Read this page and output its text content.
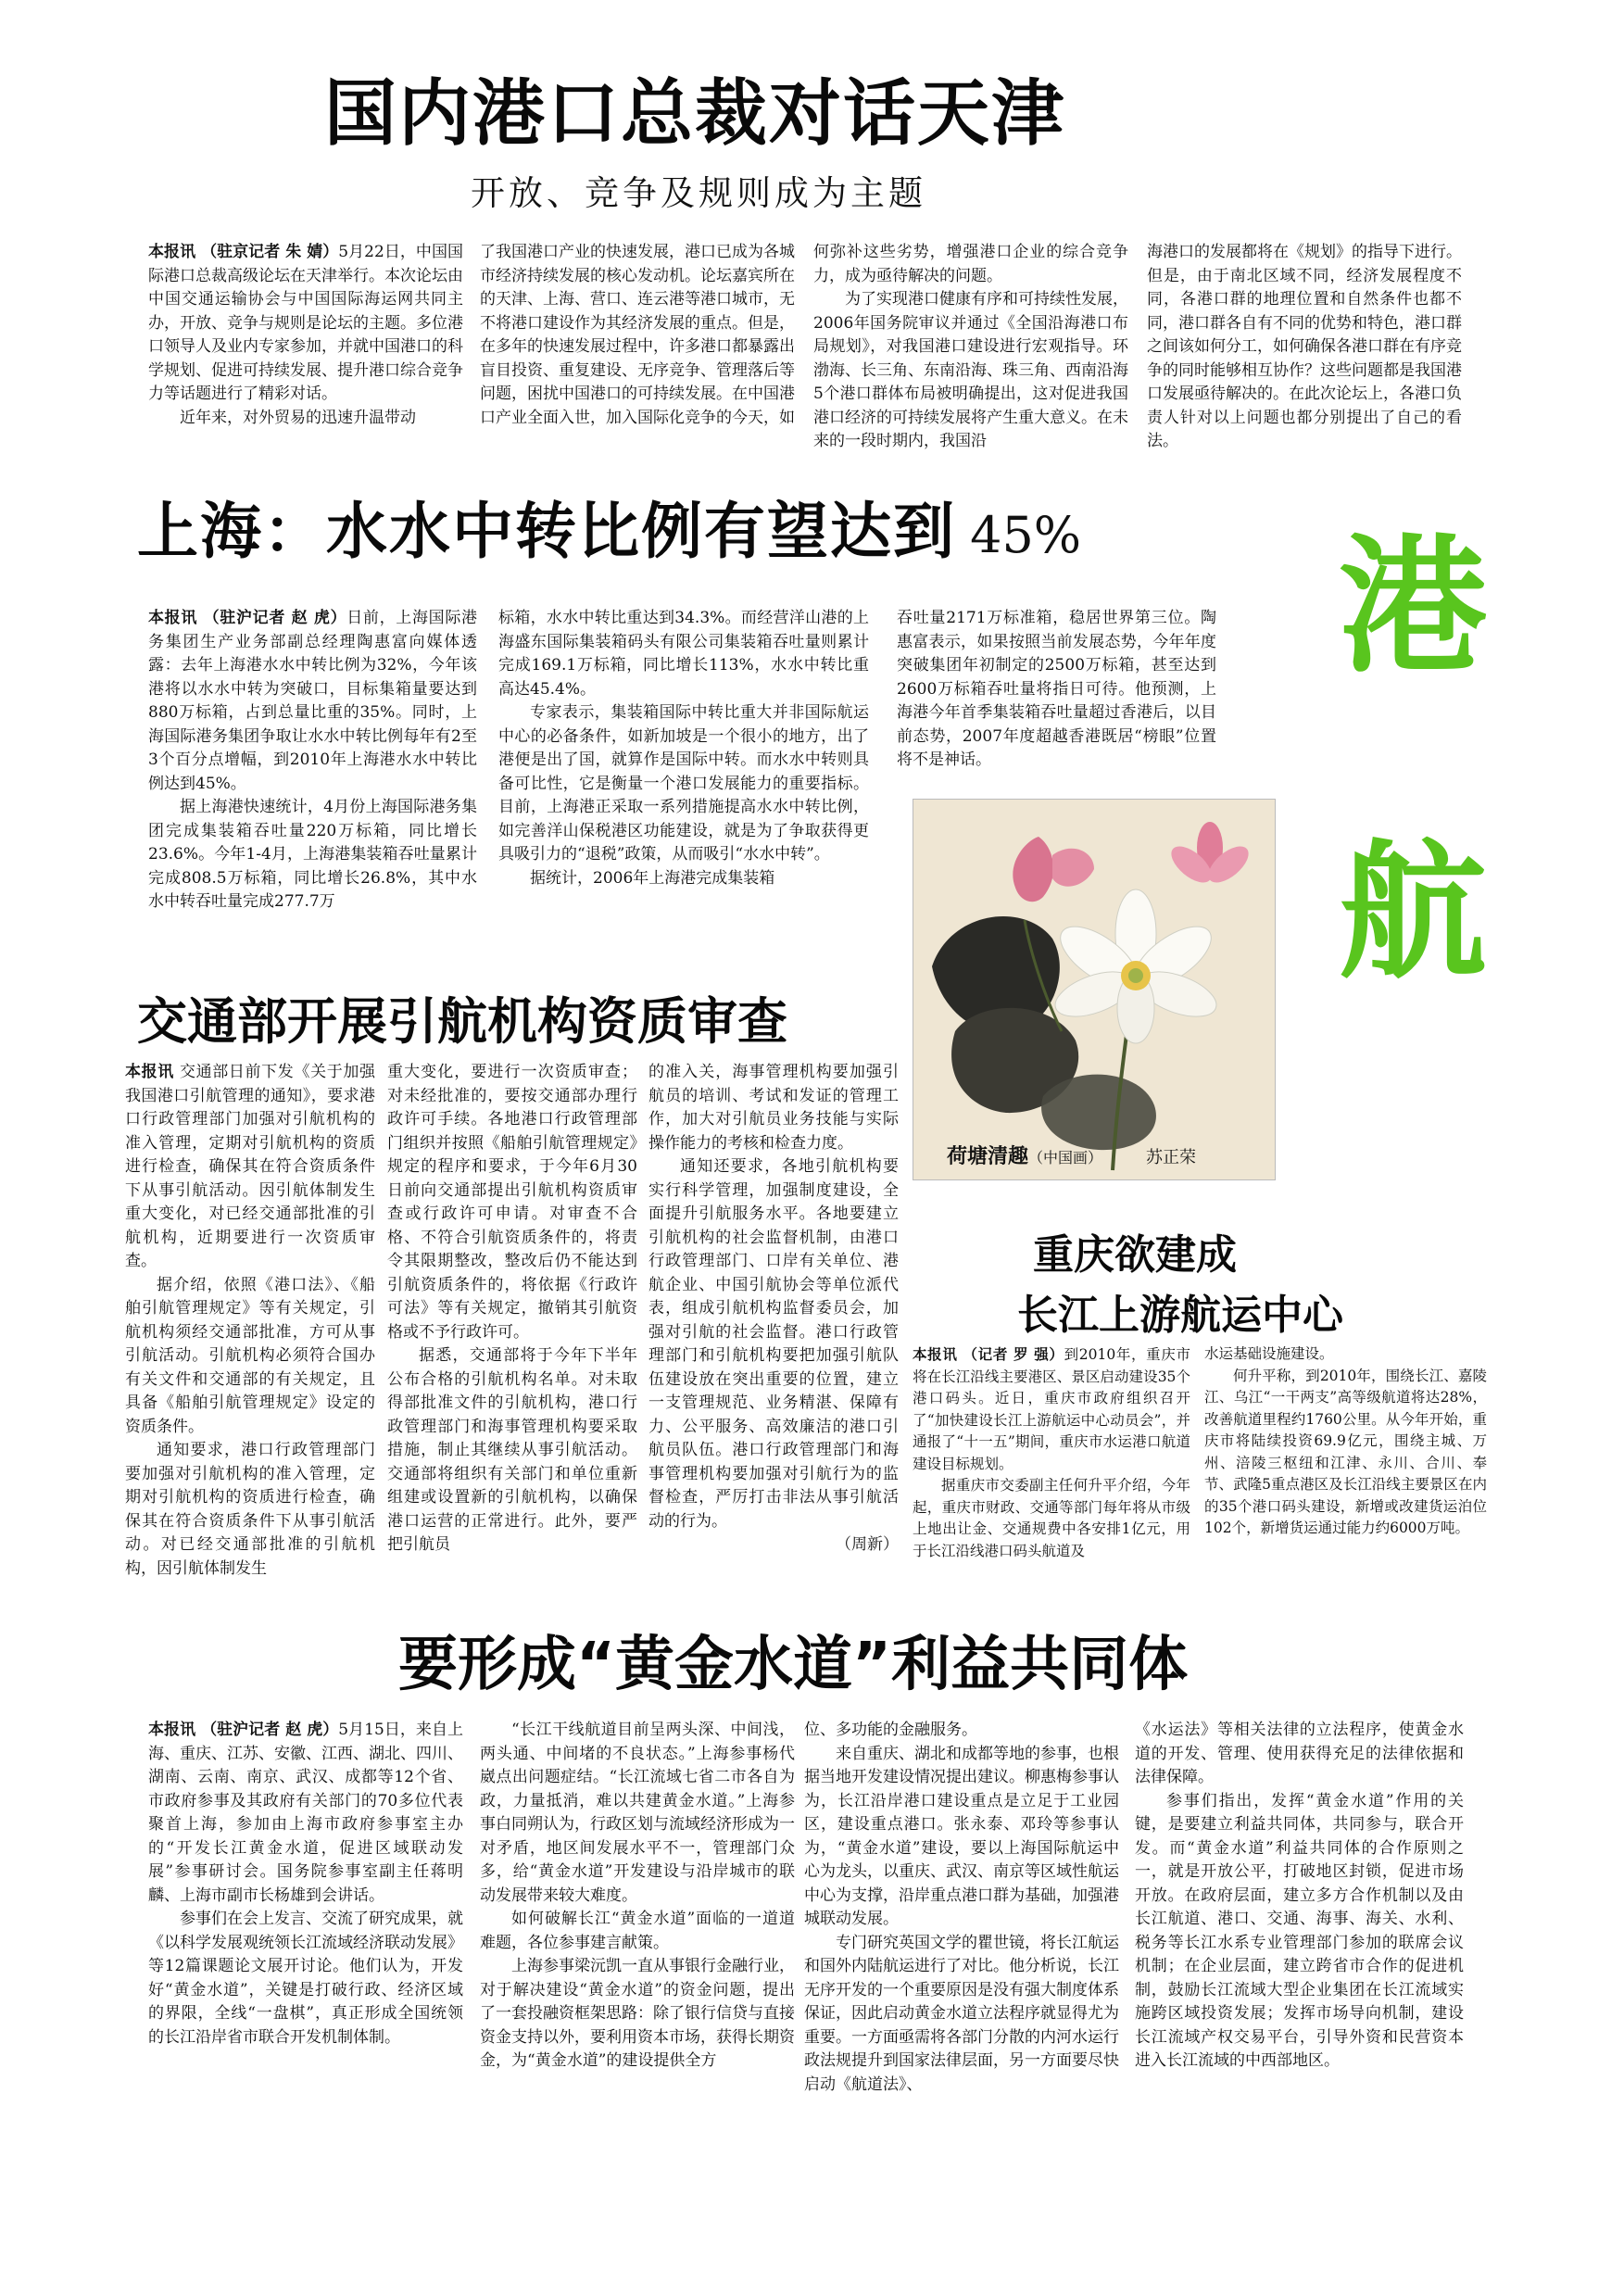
国内港口总裁对话天津
开放、竞争及规则成为主题

本报讯 （驻京记者 朱 婧）5月22日，中国国际港口总裁高级论坛在天津举行。本次论坛由中国交通运输协会与中国国际海运网共同主办，开放、竞争与规则是论坛的主题。多位港口领导人及业内专家参加，并就中国港口的科学规划、促进可持续发展、提升港口综合竞争力等话题进行了精彩对话。

近年来，对外贸易的迅速升温带动

了我国港口产业的快速发展，港口已成为各城市经济持续发展的核心发动机。论坛嘉宾所在的天津、上海、营口、连云港等港口城市，无不将港口建设作为其经济发展的重点。但是，在多年的快速发展过程中，许多港口都暴露出盲目投资、重复建设、无序竞争、管理落后等问题，困扰中国港口的可持续发展。在中国港口产业全面入世，加入国际化竞争的今天，如

何弥补这些劣势，增强港口企业的综合竞争力，成为亟待解决的问题。

为了实现港口健康有序和可持续性发展，2006年国务院审议并通过《全国沿海港口布局规划》，对我国港口建设进行宏观指导。环渤海、长三角、东南沿海、珠三角、西南沿海5个港口群体布局被明确提出，这对促进我国港口经济的可持续发展将产生重大意义。在未来的一段时期内，我国沿

海港口的发展都将在《规划》的指导下进行。但是，由于南北区域不同，经济发展程度不同，各港口群的地理位置和自然条件也都不同，港口群各自有不同的优势和特色，港口群之间该如何分工，如何确保各港口群在有序竞争的同时能够相互协作？这些问题都是我国港口发展亟待解决的。在此次论坛上，各港口负责人针对以上问题也都分别提出了自己的看法。

上海：水水中转比例有望达到 45%

本报讯 （驻沪记者 赵 虎）日前，上海国际港务集团生产业务部副总经理陶惠富向媒体透露：去年上海港水水中转比例为32%，今年该港将以水水中转为突破口，目标集箱量要达到880万标箱，占到总量比重的35%。同时，上海国际港务集团争取让水水中转比例每年有2至3个百分点增幅，到2010年上海港水水中转比例达到45%。

据上海港快速统计，4月份上海国际港务集团完成集装箱吞吐量220万标箱，同比增长23.6%。今年1-4月，上海港集装箱吞吐量累计完成808.5万标箱，同比增长26.8%，其中水水中转吞吐量完成277.7万

标箱，水水中转比重达到34.3%。而经营洋山港的上海盛东国际集装箱码头有限公司集装箱吞吐量则累计完成169.1万标箱，同比增长113%，水水中转比重高达45.4%。

专家表示，集装箱国际中转比重大并非国际航运中心的必备条件，如新加坡是一个很小的地方，出了港便是出了国，就算作是国际中转。而水水中转则具备可比性，它是衡量一个港口发展能力的重要指标。目前，上海港正采取一系列措施提高水水中转比例，如完善洋山保税港区功能建设，就是为了争取获得更具吸引力的“退税”政策，从而吸引“水水中转”。

据统计，2006年上海港完成集装箱

吞吐量2171万标准箱，稳居世界第三位。陶惠富表示，如果按照当前发展态势，今年年度突破集团年初制定的2500万标箱，甚至达到2600万标箱吞吐量将指日可待。他预测，上海港今年首季集装箱吞吐量超过香港后，以目前态势，2007年度超越香港既居“榜眼”位置将不是神话。

港
航
荷塘清趣（中国画）	苏正荣
交通部开展引航机构资质审查

本报讯 交通部日前下发《关于加强我国港口引航管理的通知》，要求港口行政管理部门加强对引航机构的准入管理，定期对引航机构的资质进行检查，确保其在符合资质条件下从事引航活动。因引航体制发生重大变化，对已经交通部批准的引航机构，近期要进行一次资质审查。

据介绍，依照《港口法》、《船舶引航管理规定》等有关规定，引航机构须经交通部批准，方可从事引航活动。引航机构必须符合国办有关文件和交通部的有关规定，且具备《船舶引航管理规定》设定的资质条件。

通知要求，港口行政管理部门要加强对引航机构的准入管理，定期对引航机构的资质进行检查，确保其在符合资质条件下从事引航活动。对已经交通部批准的引航机构，因引航体制发生

重大变化，要进行一次资质审查；对未经批准的，要按交通部办理行政许可手续。各地港口行政管理部门组织并按照《船舶引航管理规定》规定的程序和要求，于今年6月30日前向交通部提出引航机构资质审查或行政许可申请。对审查不合格、不符合引航资质条件的，将责令其限期整改，整改后仍不能达到引航资质条件的，将依据《行政许可法》等有关规定，撤销其引航资格或不予行政许可。

据悉，交通部将于今年下半年公布合格的引航机构名单。对未取得部批准文件的引航机构，港口行政管理部门和海事管理机构要采取措施，制止其继续从事引航活动。交通部将组织有关部门和单位重新组建或设置新的引航机构，以确保港口运营的正常进行。此外，要严把引航员

的准入关，海事管理机构要加强引航员的培训、考试和发证的管理工作，加大对引航员业务技能与实际操作能力的考核和检查力度。

通知还要求，各地引航机构要实行科学管理，加强制度建设，全面提升引航服务水平。各地要建立引航机构的社会监督机制，由港口行政管理部门、口岸有关单位、港航企业、中国引航协会等单位派代表，组成引航机构监督委员会，加强对引航的社会监督。港口行政管理部门和引航机构要把加强引航队伍建设放在突出重要的位置，建立一支管理规范、业务精湛、保障有力、公平服务、高效廉洁的港口引航员队伍。港口行政管理部门和海事管理机构要加强对引航行为的监督检查，严厉打击非法从事引航活动的行为。

（周新）

重庆欲建成
长江上游航运中心

本报讯 （记者 罗 强）到2010年，重庆市将在长江沿线主要港区、景区启动建设35个港口码头。近日，重庆市政府组织召开了“加快建设长江上游航运中心动员会”，并通报了“十一五”期间，重庆市水运港口航道建设目标规划。

据重庆市交委副主任何升平介绍，今年起，重庆市财政、交通等部门每年将从市级上地出让金、交通规费中各安排1亿元，用于长江沿线港口码头航道及

水运基础设施建设。

何升平称，到2010年，围绕长江、嘉陵江、乌江“一干两支”高等级航道将达28%，改善航道里程约1760公里。从今年开始，重庆市将陆续投资69.9亿元，围绕主城、万州、涪陵三枢纽和江津、永川、合川、奉节、武隆5重点港区及长江沿线主要景区在内的35个港口码头建设，新增或改建货运泊位102个，新增货运通过能力约6000万吨。

要形成“黄金水道”利益共同体

本报讯 （驻沪记者 赵 虎）5月15日，来自上海、重庆、江苏、安徽、江西、湖北、四川、湖南、云南、南京、武汉、成都等12个省、市政府参事及其政府有关部门的70多位代表聚首上海，参加由上海市政府参事室主办的“开发长江黄金水道，促进区域联动发展”参事研讨会。国务院参事室副主任蒋明麟、上海市副市长杨雄到会讲话。

参事们在会上发言、交流了研究成果，就《以科学发展观统领长江流域经济联动发展》等12篇课题论文展开讨论。他们认为，开发好“黄金水道”，关键是打破行政、经济区域的界限，全线“一盘棋”，真正形成全国统领的长江沿岸省市联合开发机制体制。

“长江干线航道目前呈两头深、中间浅，两头通、中间堵的不良状态。”上海参事杨代崴点出问题症结。“长江流域七省二市各自为政，力量抵消，难以共建黄金水道。”上海参事白同朔认为，行政区划与流域经济形成为一对矛盾，地区间发展水平不一，管理部门众多，给“黄金水道”开发建设与沿岸城市的联动发展带来较大难度。

如何破解长江“黄金水道”面临的一道道难题，各位参事建言献策。

上海参事梁沅凯一直从事银行金融行业，对于解决建设“黄金水道”的资金问题，提出了一套投融资框架思路：除了银行信贷与直接资金支持以外，要利用资本市场，获得长期资金，为“黄金水道”的建设提供全方

位、多功能的金融服务。

来自重庆、湖北和成都等地的参事，也根据当地开发建设情况提出建议。柳惠梅参事认为，长江沿岸港口建设重点是立足于工业园区，建设重点港口。张永泰、邓玲等参事认为，“黄金水道”建设，要以上海国际航运中心为龙头，以重庆、武汉、南京等区域性航运中心为支撑，沿岸重点港口群为基础，加强港城联动发展。

专门研究英国文学的瞿世镜，将长江航运和国外内陆航运进行了对比。他分析说，长江无序开发的一个重要原因是没有强大制度体系保证，因此启动黄金水道立法程序就显得尤为重要。一方面亟需将各部门分散的内河水运行政法规提升到国家法律层面，另一方面要尽快启动《航道法》、

《水运法》等相关法律的立法程序，使黄金水道的开发、管理、使用获得充足的法律依据和法律保障。

参事们指出，发挥“黄金水道”作用的关键，是要建立利益共同体，共同参与，联合开发。而“黄金水道”利益共同体的合作原则之一，就是开放公平，打破地区封锁，促进市场开放。在政府层面，建立多方合作机制以及由长江航道、港口、交通、海事、海关、水利、税务等长江水系专业管理部门参加的联席会议机制；在企业层面，建立跨省市合作的促进机制，鼓励长江流域大型企业集团在长江流域实施跨区域投资发展；发挥市场导向机制，建设长江流域产权交易平台，引导外资和民营资本进入长江流域的中西部地区。
